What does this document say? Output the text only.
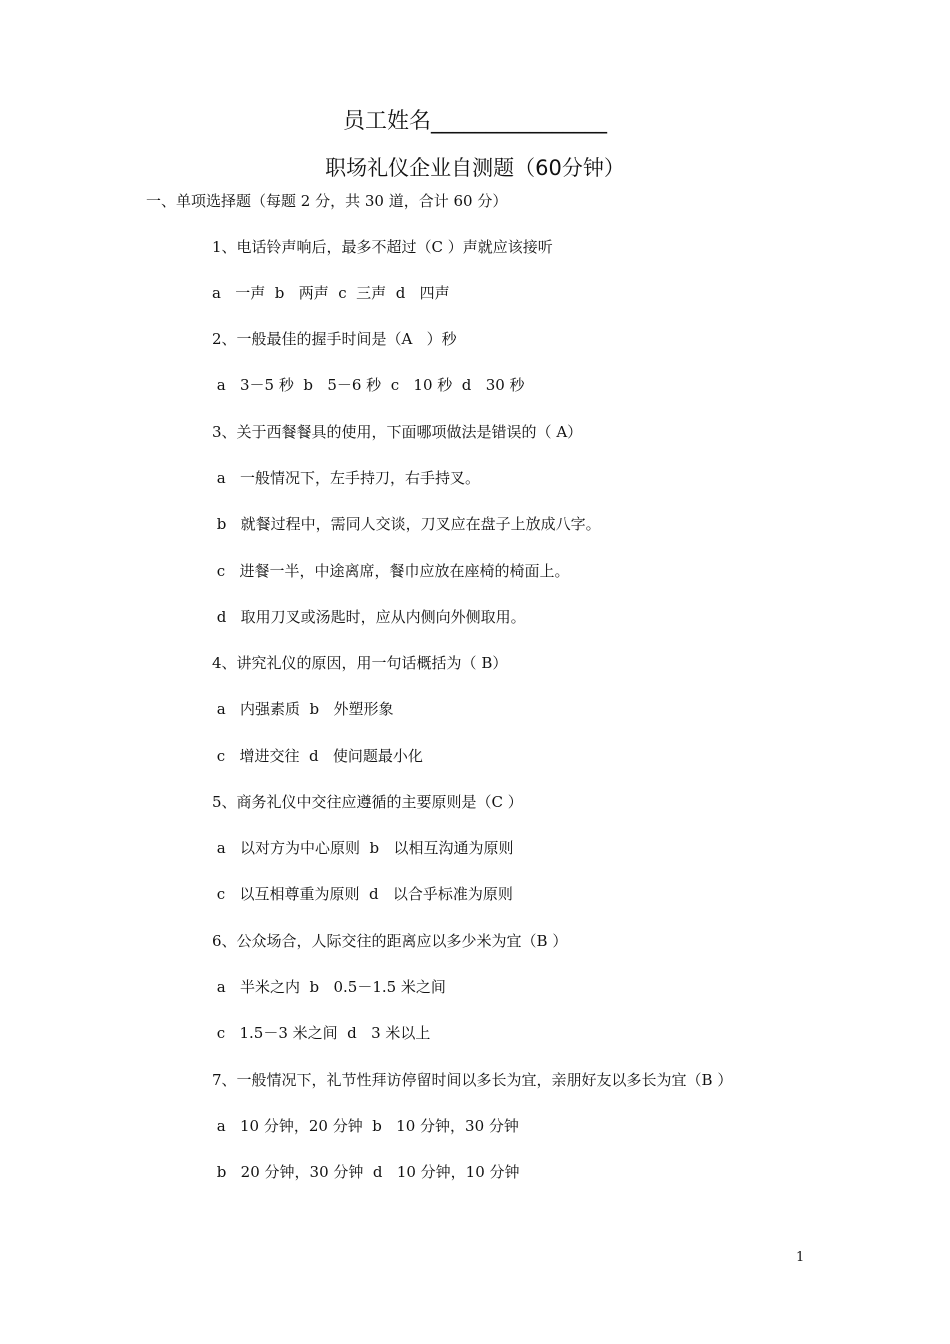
员工姓名________________
职场礼仪企业自测题（60分钟）
一、单项选择题（每题 2 分，共 30 道，合计 60 分）
1、电话铃声响后，最多不超过（C ）声就应该接听
a   一声  b   两声  c  三声  d   四声
2、一般最佳的握手时间是（A   ）秒
a   3－5 秒  b   5－6 秒  c   10 秒  d   30 秒
3、关于西餐餐具的使用，下面哪项做法是错误的（ A）
a   一般情况下，左手持刀，右手持叉。
b   就餐过程中，需同人交谈，刀叉应在盘子上放成八字。
c   进餐一半，中途离席，餐巾应放在座椅的椅面上。
d   取用刀叉或汤匙时，应从内侧向外侧取用。
4、讲究礼仪的原因，用一句话概括为（ B）
a   内强素质  b   外塑形象
c   增进交往  d   使问题最小化
5、商务礼仪中交往应遵循的主要原则是（C ）
a   以对方为中心原则  b   以相互沟通为原则
c   以互相尊重为原则  d   以合乎标准为原则
6、公众场合，人际交往的距离应以多少米为宜（B ）
a   半米之内  b   0.5－1.5 米之间
c   1.5－3 米之间  d   3 米以上
7、一般情况下，礼节性拜访停留时间以多长为宜，亲朋好友以多长为宜（B ）
a   10 分钟，20 分钟  b   10 分钟，30 分钟
b   20 分钟，30 分钟  d   10 分钟，10 分钟
1
